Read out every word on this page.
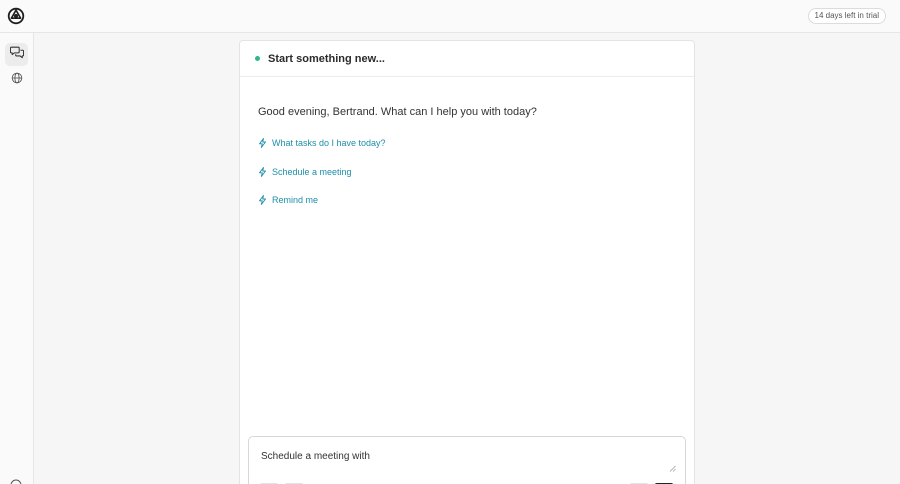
14 days left in trial
Start something new...
Good evening, Bertrand. What can I help you with today?
What tasks do I have today?
Schedule a meeting
Remind me
Schedule a meeting with
